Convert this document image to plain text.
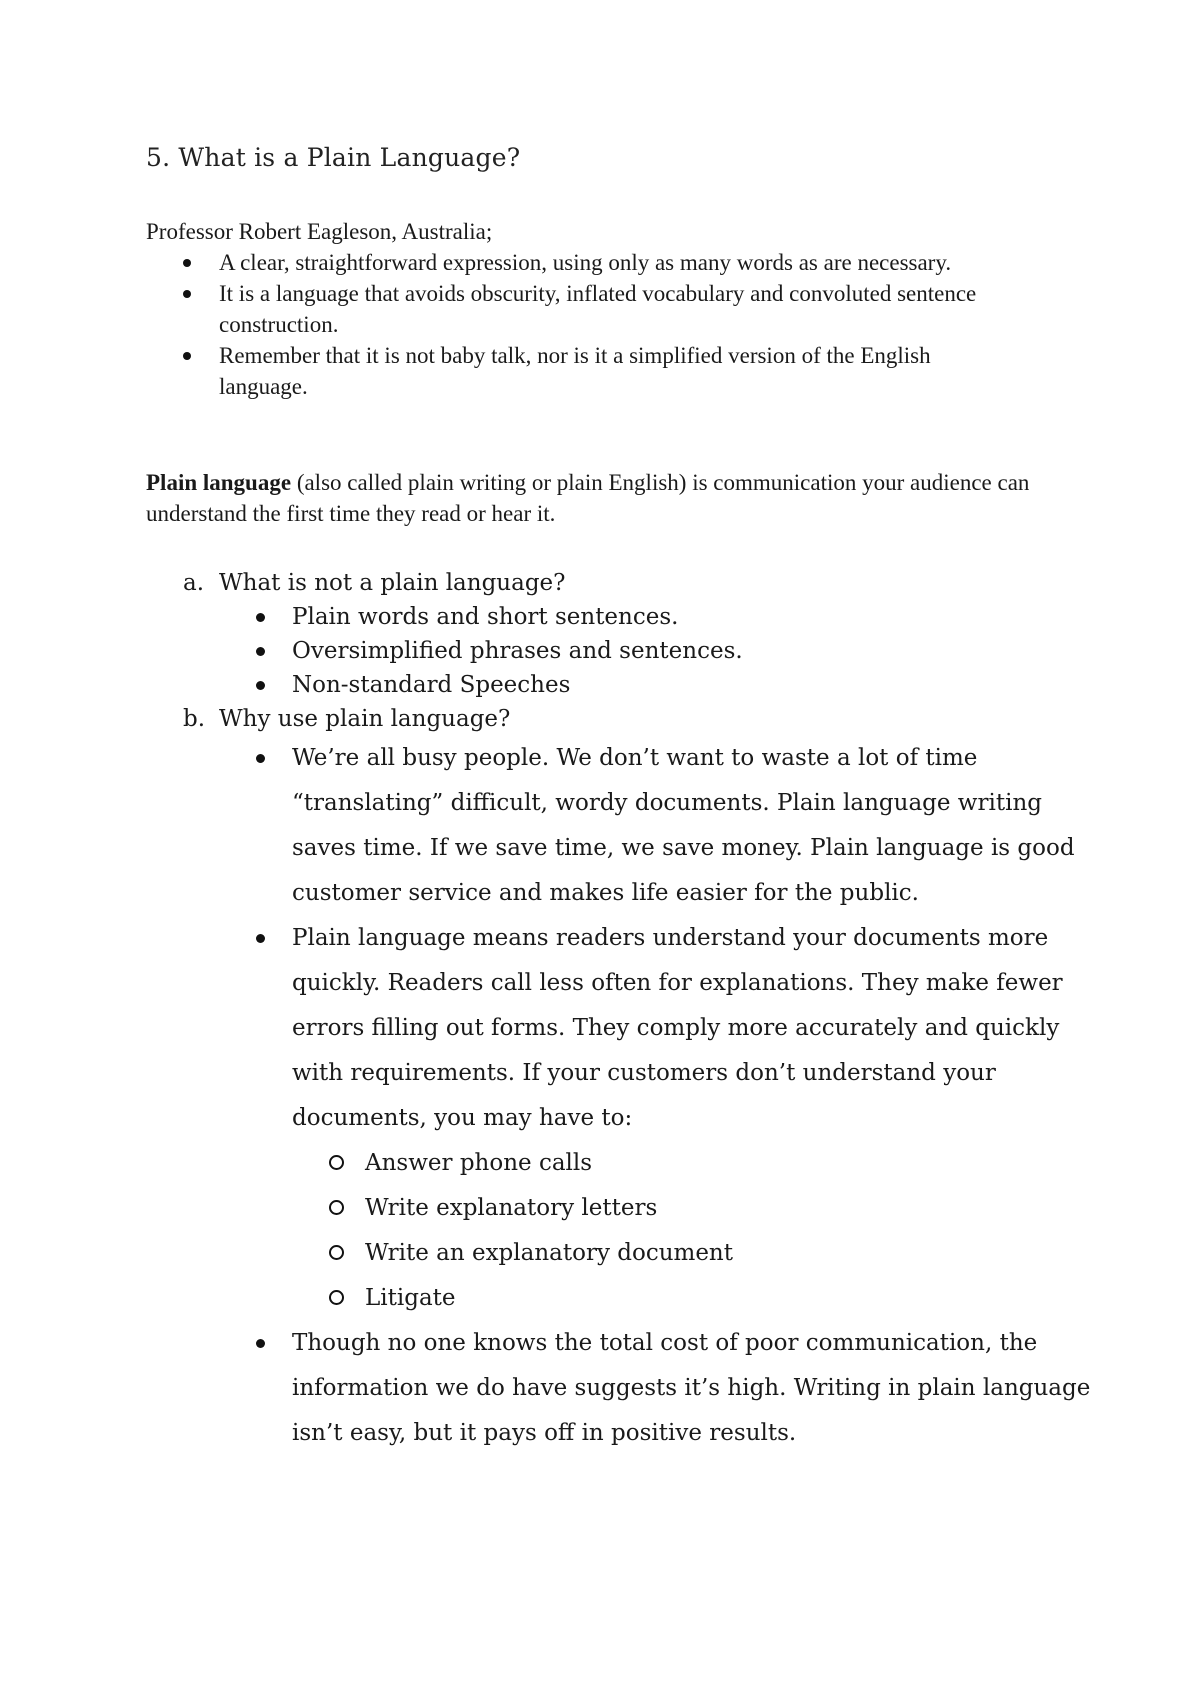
5. What is a Plain Language?

Professor Robert Eagleson, Australia;

A clear, straightforward expression, using only as many words as are necessary.
It is a language that avoids obscurity, inflated vocabulary and convoluted sentence construction.
Remember that it is not baby talk, nor is it a simplified version of the English language.

Plain language (also called plain writing or plain English) is communication your audience can understand the first time they read or hear it.

a. What is not a plain language?
Plain words and short sentences.
Oversimplified phrases and sentences.
Non-standard Speeches
b. Why use plain language?
We’re all busy people. We don’t want to waste a lot of time “translating” difficult, wordy documents. Plain language writing saves time. If we save time, we save money. Plain language is good customer service and makes life easier for the public.
Plain language means readers understand your documents more quickly. Readers call less often for explanations. They make fewer errors filling out forms. They comply more accurately and quickly with requirements. If your customers don’t understand your documents, you may have to:
Answer phone calls
Write explanatory letters
Write an explanatory document
Litigate
Though no one knows the total cost of poor communication, the information we do have suggests it’s high. Writing in plain language isn’t easy, but it pays off in positive results.
